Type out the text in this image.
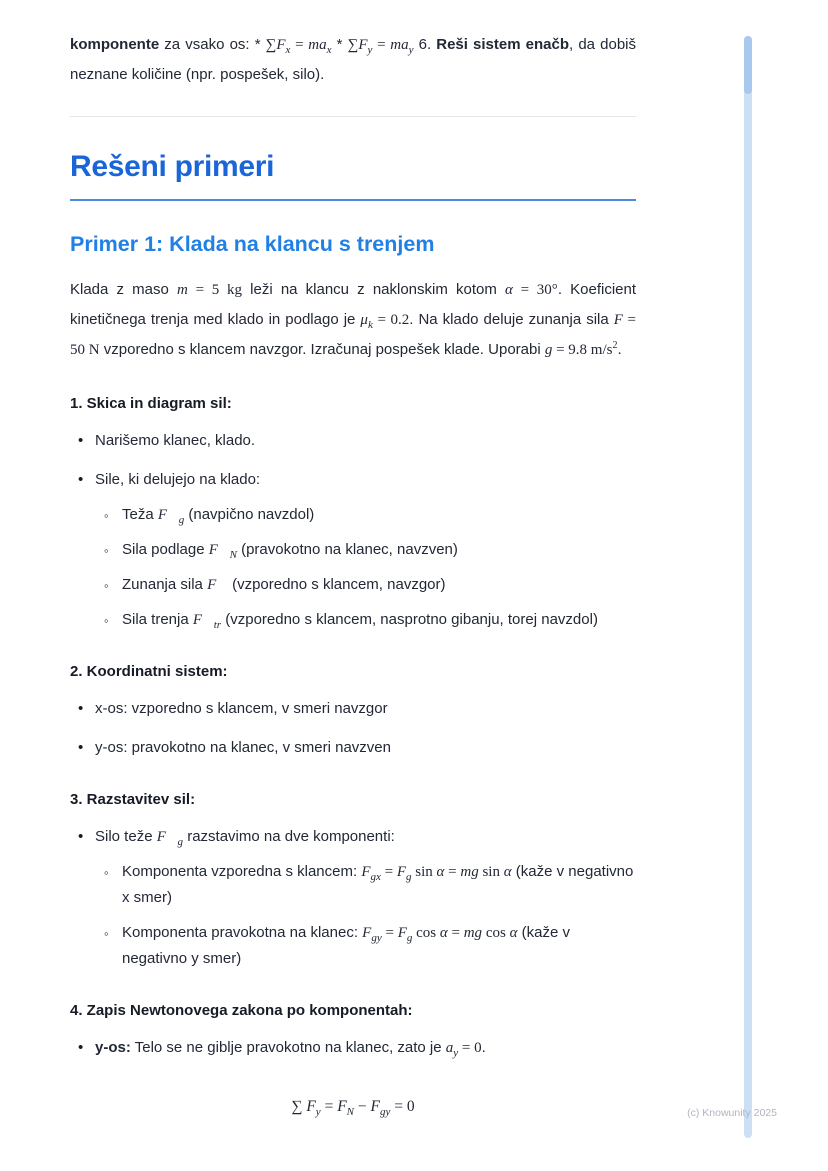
komponente za vsako os: * $\sum F_x = ma_x * \sum F_y = ma_y$ 6. Reši sistem enačb, da dobiš neznane količine (npr. pospešek, silo).

Rešeni primeri
Primer 1: Klada na klancu s trenjem

Klada z maso m = 5 kg leži na klancu z naklonskim kotom α = 30°. Koeficient kinetičnega trenja med klado in podlago je $\mu_k = 0.2$. Na klado deluje zunanja sila F = 50 N vzporedno s klancem navzgor. Izračunaj pospešek klade. Uporabi g = 9.8 $m/s^2$.

1. Skica in diagram sil:

• Narišemo klanec, klado.
• Sile, ki delujejo na klado:
◦ Teža $F⃗_g$ (navpično navzdol)
◦ Sila podlage $F⃗_N$ (pravokotno na klanec, navzven)
◦ Zunanja sila F⃗ (vzporedno s klancem, navzgor)
◦ Sila trenja $F⃗_{tr}$ (vzporedno s klancem, nasprotno gibanju, torej navzdol)

2. Koordinatni sistem:

• x-os: vzporedno s klancem, v smeri navzgor
• y-os: pravokotno na klanec, v smeri navzven

3. Razstavitev sil:

• Silo teže $F⃗_g$ razstavimo na dve komponenti:
◦ Komponenta vzporedna s klancem: $F_{gx} = F_g$ sin α = mg sin α (kaže v negativno x smer)
◦ Komponenta pravokotna na klanec: $F_{gy} = F_g$ cos α = mg cos α (kaže v negativno y smer)

4. Zapis Newtonovega zakona po komponentah:

• y-os: Telo se ne giblje pravokotno na klanec, zato je $a_y = 0$.
∑ $F_y = F_N - F_{gy} = 0$	(c) Knowunity 2025
